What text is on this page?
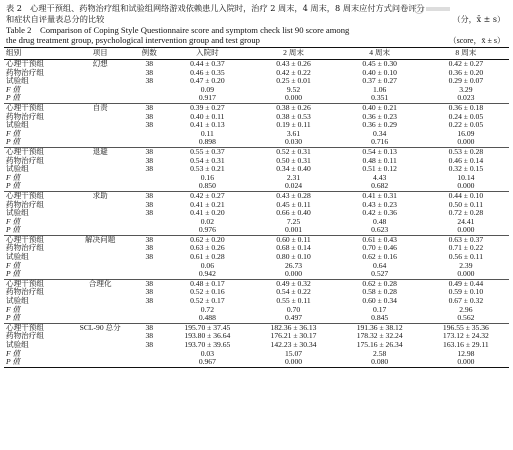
表 2　心理干预组、药物治疗组和试验组网络游戏依赖患儿入院时，治疗 2 周末，4 周末，8 周末应付方式问卷评分
和症状自评量表总分的比较	（分，x̄ ± s）
Table 2　Comparison of Coping Style Questionnaire score and symptom check list 90 score among
the drug treatment group, psychological intervention group and test group	（score，x̄ ± s）
组别	项目	例数	入院时	2 周末	4 周末	8 周末
心理干预组	幻想	38	0.44 ± 0.37	0.43 ± 0.26	0.45 ± 0.30	0.42 ± 0.27
药物治疗组		38	0.46 ± 0.35	0.42 ± 0.22	0.40 ± 0.10	0.36 ± 0.20
试验组		38	0.47 ± 0.20	0.25 ± 0.01	0.37 ± 0.27	0.29 ± 0.07
F 值			0.09	9.52	1.06	3.29
P 值			0.917	0.000	0.351	0.023
心理干预组	自责	38	0.39 ± 0.27	0.38 ± 0.26	0.40 ± 0.21	0.36 ± 0.18
药物治疗组		38	0.40 ± 0.11	0.38 ± 0.53	0.36 ± 0.23	0.24 ± 0.05
试验组		38	0.41 ± 0.13	0.19 ± 0.11	0.36 ± 0.29	0.22 ± 0.05
F 值			0.11	3.61	0.34	16.09
P 值			0.898	0.030	0.716	0.000
心理干预组	退避	38	0.55 ± 0.37	0.52 ± 0.31	0.54 ± 0.13	0.53 ± 0.28
药物治疗组		38	0.54 ± 0.31	0.50 ± 0.31	0.48 ± 0.11	0.46 ± 0.14
试验组		38	0.53 ± 0.21	0.34 ± 0.40	0.51 ± 0.12	0.32 ± 0.15
F 值			0.16	2.31	4.43	10.14
P 值			0.850	0.024	0.682	0.000
心理干预组	求助	38	0.42 ± 0.27	0.43 ± 0.28	0.41 ± 0.31	0.44 ± 0.10
药物治疗组		38	0.41 ± 0.21	0.45 ± 0.11	0.43 ± 0.23	0.50 ± 0.11
试验组		38	0.41 ± 0.20	0.66 ± 0.40	0.42 ± 0.36	0.72 ± 0.28
F 值			0.02	7.25	0.48	24.41
P 值			0.976	0.001	0.623	0.000
心理干预组	解决问题	38	0.62 ± 0.20	0.60 ± 0.11	0.61 ± 0.43	0.63 ± 0.37
药物治疗组		38	0.63 ± 0.26	0.68 ± 0.14	0.70 ± 0.46	0.71 ± 0.22
试验组		38	0.61 ± 0.28	0.80 ± 0.10	0.62 ± 0.16	0.56 ± 0.11
F 值			0.06	26.73	0.64	2.39
P 值			0.942	0.000	0.527	0.000
心理干预组	合理化	38	0.48 ± 0.17	0.49 ± 0.32	0.62 ± 0.28	0.49 ± 0.44
药物治疗组		38	0.52 ± 0.16	0.54 ± 0.22	0.58 ± 0.28	0.59 ± 0.10
试验组		38	0.52 ± 0.17	0.55 ± 0.11	0.60 ± 0.34	0.67 ± 0.32
F 值			0.72	0.70	0.17	2.96
P 值			0.488	0.497	0.845	0.562
心理干预组	SCL-90 总分	38	195.70 ± 37.45	182.36 ± 36.13	191.36 ± 38.12	196.55 ± 35.36
药物治疗组		38	193.80 ± 36.64	176.21 ± 30.17	178.32 ± 32.24	173.12 ± 24.32
试验组		38	193.70 ± 39.65	142.23 ± 30.34	175.16 ± 26.34	163.16 ± 29.11
F 值			0.03	15.07	2.58	12.98
P 值			0.967	0.000	0.080	0.000
